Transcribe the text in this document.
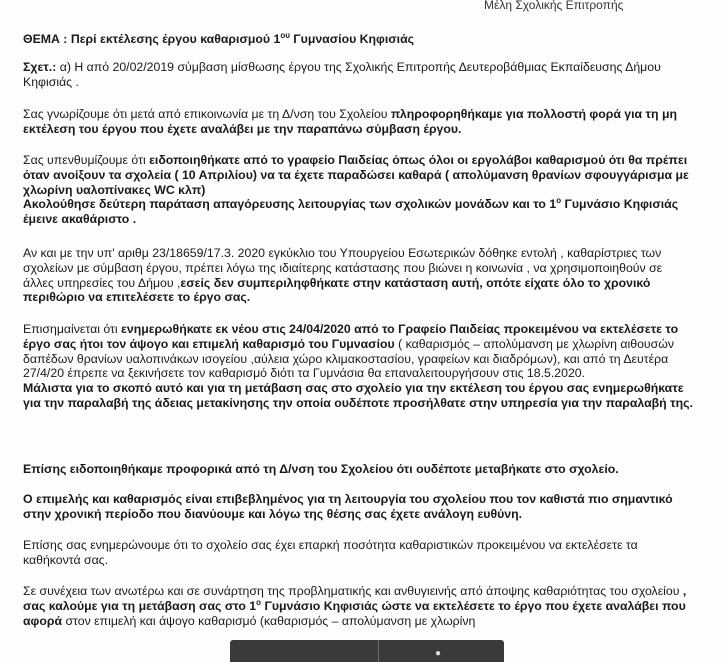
Μέλη Σχολικής Επιτροπής

ΘΕΜΑ : Περί εκτέλεσης έργου καθαρισμού $1^{o\upsilon}$ Γυμνασίου Κηφισιάς

Σχετ.: α) Η από 20/02/2019 σύμβαση μίσθωσης έργου της Σχολικής Επιτροπής Δευτεροβάθμιας Εκπαίδευσης Δήμου Κηφισιάς .

Σας γνωρίζουμε ότι μετά από επικοινωνία με τη Δ/νση του Σχολείου πληροφορηθήκαμε για πολλοστή φορά για τη μη εκτέλεση του έργου που έχετε αναλάβει με την παραπάνω σύμβαση έργου.

Σας υπενθυμίζουμε ότι ειδοποιηθήκατε από το γραφείο Παιδείας όπως όλοι οι εργολάβοι καθαρισμού ότι θα πρέπει όταν ανοίξουν τα σχολεία ( 10 Απριλίου) να τα έχετε παραδώσει καθαρά ( απολύμανση θρανίων σφουγγάρισμα με χλωρίνη υαλοπίνακες WC κλπ)
Ακολούθησε δεύτερη παράταση απαγόρευσης λειτουργίας των σχολικών μονάδων και το $1^o$ Γυμνάσιο Κηφισιάς έμεινε ακαθάριστο .

Αν και με την υπ' αριθμ 23/18659/17.3. 2020 εγκύκλιο του Υπουργείου Εσωτερικών δόθηκε εντολή , καθαρίστριες των σχολείων με σύμβαση έργου, πρέπει λόγω της ιδιαίτερης κατάστασης που βιώνει η κοινωνία , να χρησιμοποιηθούν σε άλλες υπηρεσίες του Δήμου ,εσείς δεν συμπεριληφθήκατε στην κατάσταση αυτή, οπότε είχατε όλο το χρονικό περιθώριο να επιτελέσετε το έργο σας.

Επισημαίνεται ότι ενημερωθήκατε εκ νέου στις 24/04/2020 από το Γραφείο Παιδείας προκειμένου να εκτελέσετε το έργο σας ήτοι τον άψογο και επιμελή καθαρισμό του Γυμνασίου ( καθαρισμός – απολύμανση με χλωρίνη αιθουσών δαπέδων θρανίων υαλοπινάκων ισογείου ,αύλεια χώρο κλιμακοστασίου, γραφείων και διαδρόμων), και από τη Δευτέρα 27/4/20 έπρεπε να ξεκινήσετε τον καθαρισμό διότι τα Γυμνάσια θα επαναλειτουργήσουν στις 18.5.2020.
Μάλιστα για το σκοπό αυτό και για τη μετάβαση σας στο σχολείο για την εκτέλεση του έργου σας ενημερωθήκατε για την παραλαβή της άδειας μετακίνησης την οποία ουδέποτε προσήλθατε στην υπηρεσία για την παραλαβή της.

Επίσης ειδοποιηθήκαμε προφορικά από τη Δ/νση του Σχολείου ότι ουδέποτε μεταβήκατε στο σχολείο.

Ο επιμελής και καθαρισμός είναι επιβεβλημένος για τη λειτουργία του σχολείου που τον καθιστά πιο σημαντικό στην χρονική περίοδο που διανύουμε και λόγω της θέσης σας έχετε ανάλογη ευθύνη.

Επίσης σας ενημερώνουμε ότι το σχολείο σας έχει επαρκή ποσότητα καθαριστικών προκειμένου να εκτελέσετε τα καθήκοντά σας.

Σε συνέχεια των ανωτέρω και σε συνάρτηση της προβληματικής και ανθυγιεινής από άποψης καθαριότητας του σχολείου , σας καλούμε για τη μετάβαση σας στο $1^o$ Γυμνάσιο Κηφισιάς ώστε να εκτελέσετε το έργο που έχετε αναλάβει που αφορά στον επιμελή και άψογο καθαρισμό (καθαρισμός – απολύμανση με χλωρίνη

●
